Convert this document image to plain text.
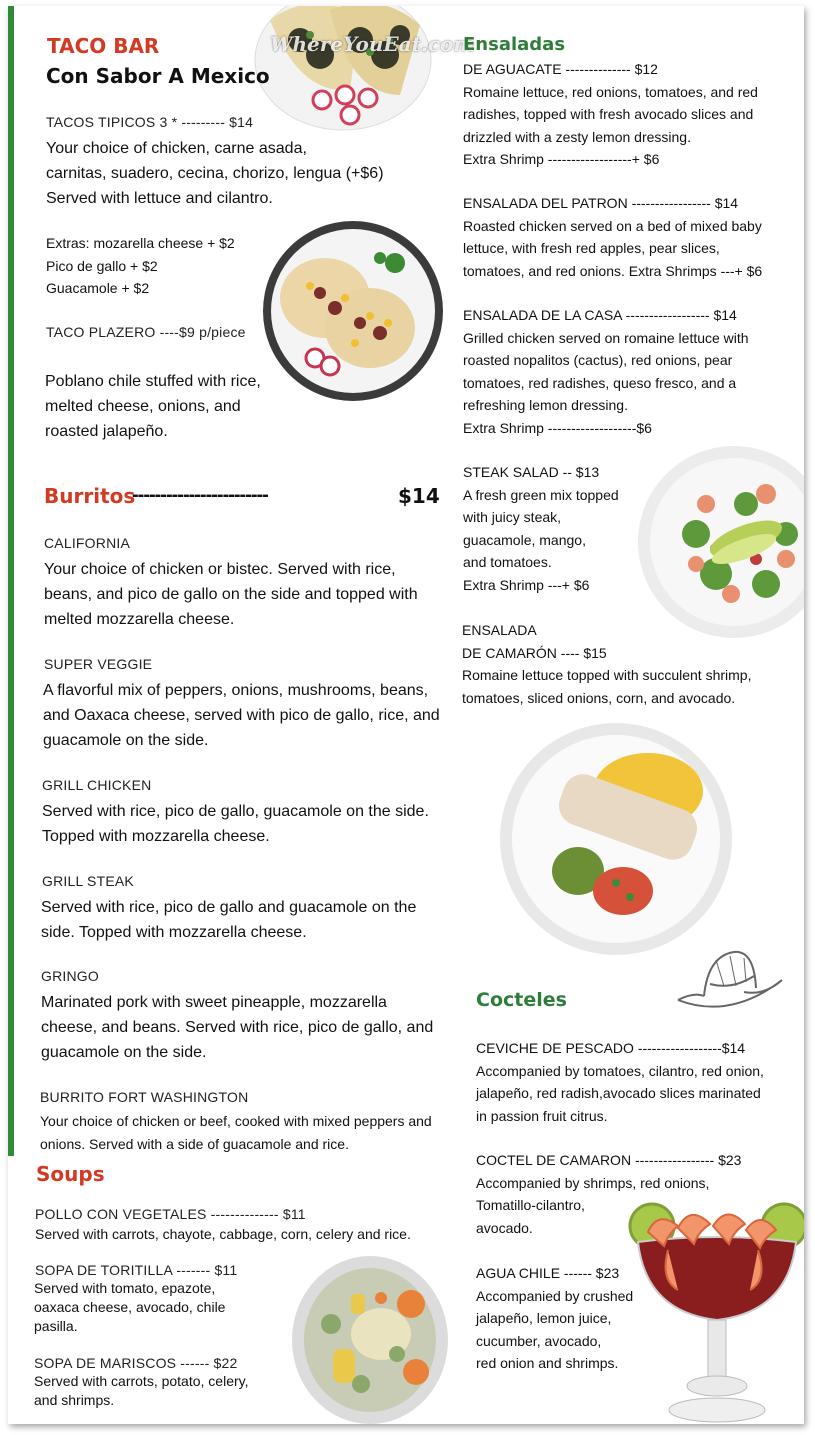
WhereYouEat.com
TACO BAR
Con Sabor A Mexico
TACOS TIPICOS 3 * --------- $14
Your choice of chicken, carne asada,
carnitas, suadero, cecina, chorizo, lengua (+$6)
Served with lettuce and cilantro.
Extras: mozarella cheese + $2
Pico de gallo + $2
Guacamole + $2
TACO PLAZERO ----$9 p/piece
Poblano chile stuffed with rice,
melted cheese, onions, and
roasted jalapeño.
Burritos
------------------------	$14
CALIFORNIA
Your choice of chicken or bistec. Served with rice,
beans, and pico de gallo on the side and topped with
melted mozzarella cheese.
SUPER VEGGIE
A flavorful mix of peppers, onions, mushrooms, beans,
and Oaxaca cheese, served with pico de gallo, rice, and
guacamole on the side.
GRILL CHICKEN
Served with rice, pico de gallo, guacamole on the side.
Topped with mozzarella cheese.
GRILL STEAK
Served with rice, pico de gallo and guacamole on the
side. Topped with mozzarella cheese.
GRINGO
Marinated pork with sweet pineapple, mozzarella
cheese, and beans. Served with rice, pico de gallo, and
guacamole on the side.
BURRITO FORT WASHINGTON
Your choice of chicken or beef, cooked with mixed peppers and
onions. Served with a side of guacamole and rice.
Soups
POLLO CON VEGETALES -------------- $11
Served with carrots, chayote, cabbage, corn, celery and rice.
SOPA DE TORITILLA ------- $11
Served with tomato, epazote,
oaxaca cheese, avocado, chile
pasilla.
SOPA DE MARISCOS ------ $22
Served with carrots, potato, celery,
and shrimps.
Ensaladas
DE AGUACATE -------------- $12
Romaine lettuce, red onions, tomatoes, and red
radishes, topped with fresh avocado slices and
drizzled with a zesty lemon dressing.
Extra Shrimp ------------------+ $6
ENSALADA DEL PATRON ----------------- $14
Roasted chicken served on a bed of mixed baby
lettuce, with fresh red apples, pear slices,
tomatoes, and red onions. Extra Shrimps ---+ $6
ENSALADA DE LA CASA ------------------ $14
Grilled chicken served on romaine lettuce with
roasted nopalitos (cactus), red onions, pear
tomatoes, red radishes, queso fresco, and a
refreshing lemon dressing.
Extra Shrimp -------------------$6
STEAK SALAD -- $13
A fresh green mix topped
with juicy steak,
guacamole, mango,
and tomatoes.
Extra Shrimp ---+ $6
ENSALADA
DE CAMARÓN ---- $15
Romaine lettuce topped with succulent shrimp,
tomatoes, sliced onions, corn, and avocado.
Cocteles
CEVICHE DE PESCADO ------------------$14
Accompanied by tomatoes, cilantro, red onion,
jalapeño, red radish,avocado slices marinated
in passion fruit citrus.
COCTEL DE CAMARON ----------------- $23
Accompanied by shrimps, red onions,
Tomatillo-cilantro,
avocado.
AGUA CHILE ------ $23
Accompanied by crushed
jalapeño, lemon juice,
cucumber, avocado,
red onion and shrimps.
